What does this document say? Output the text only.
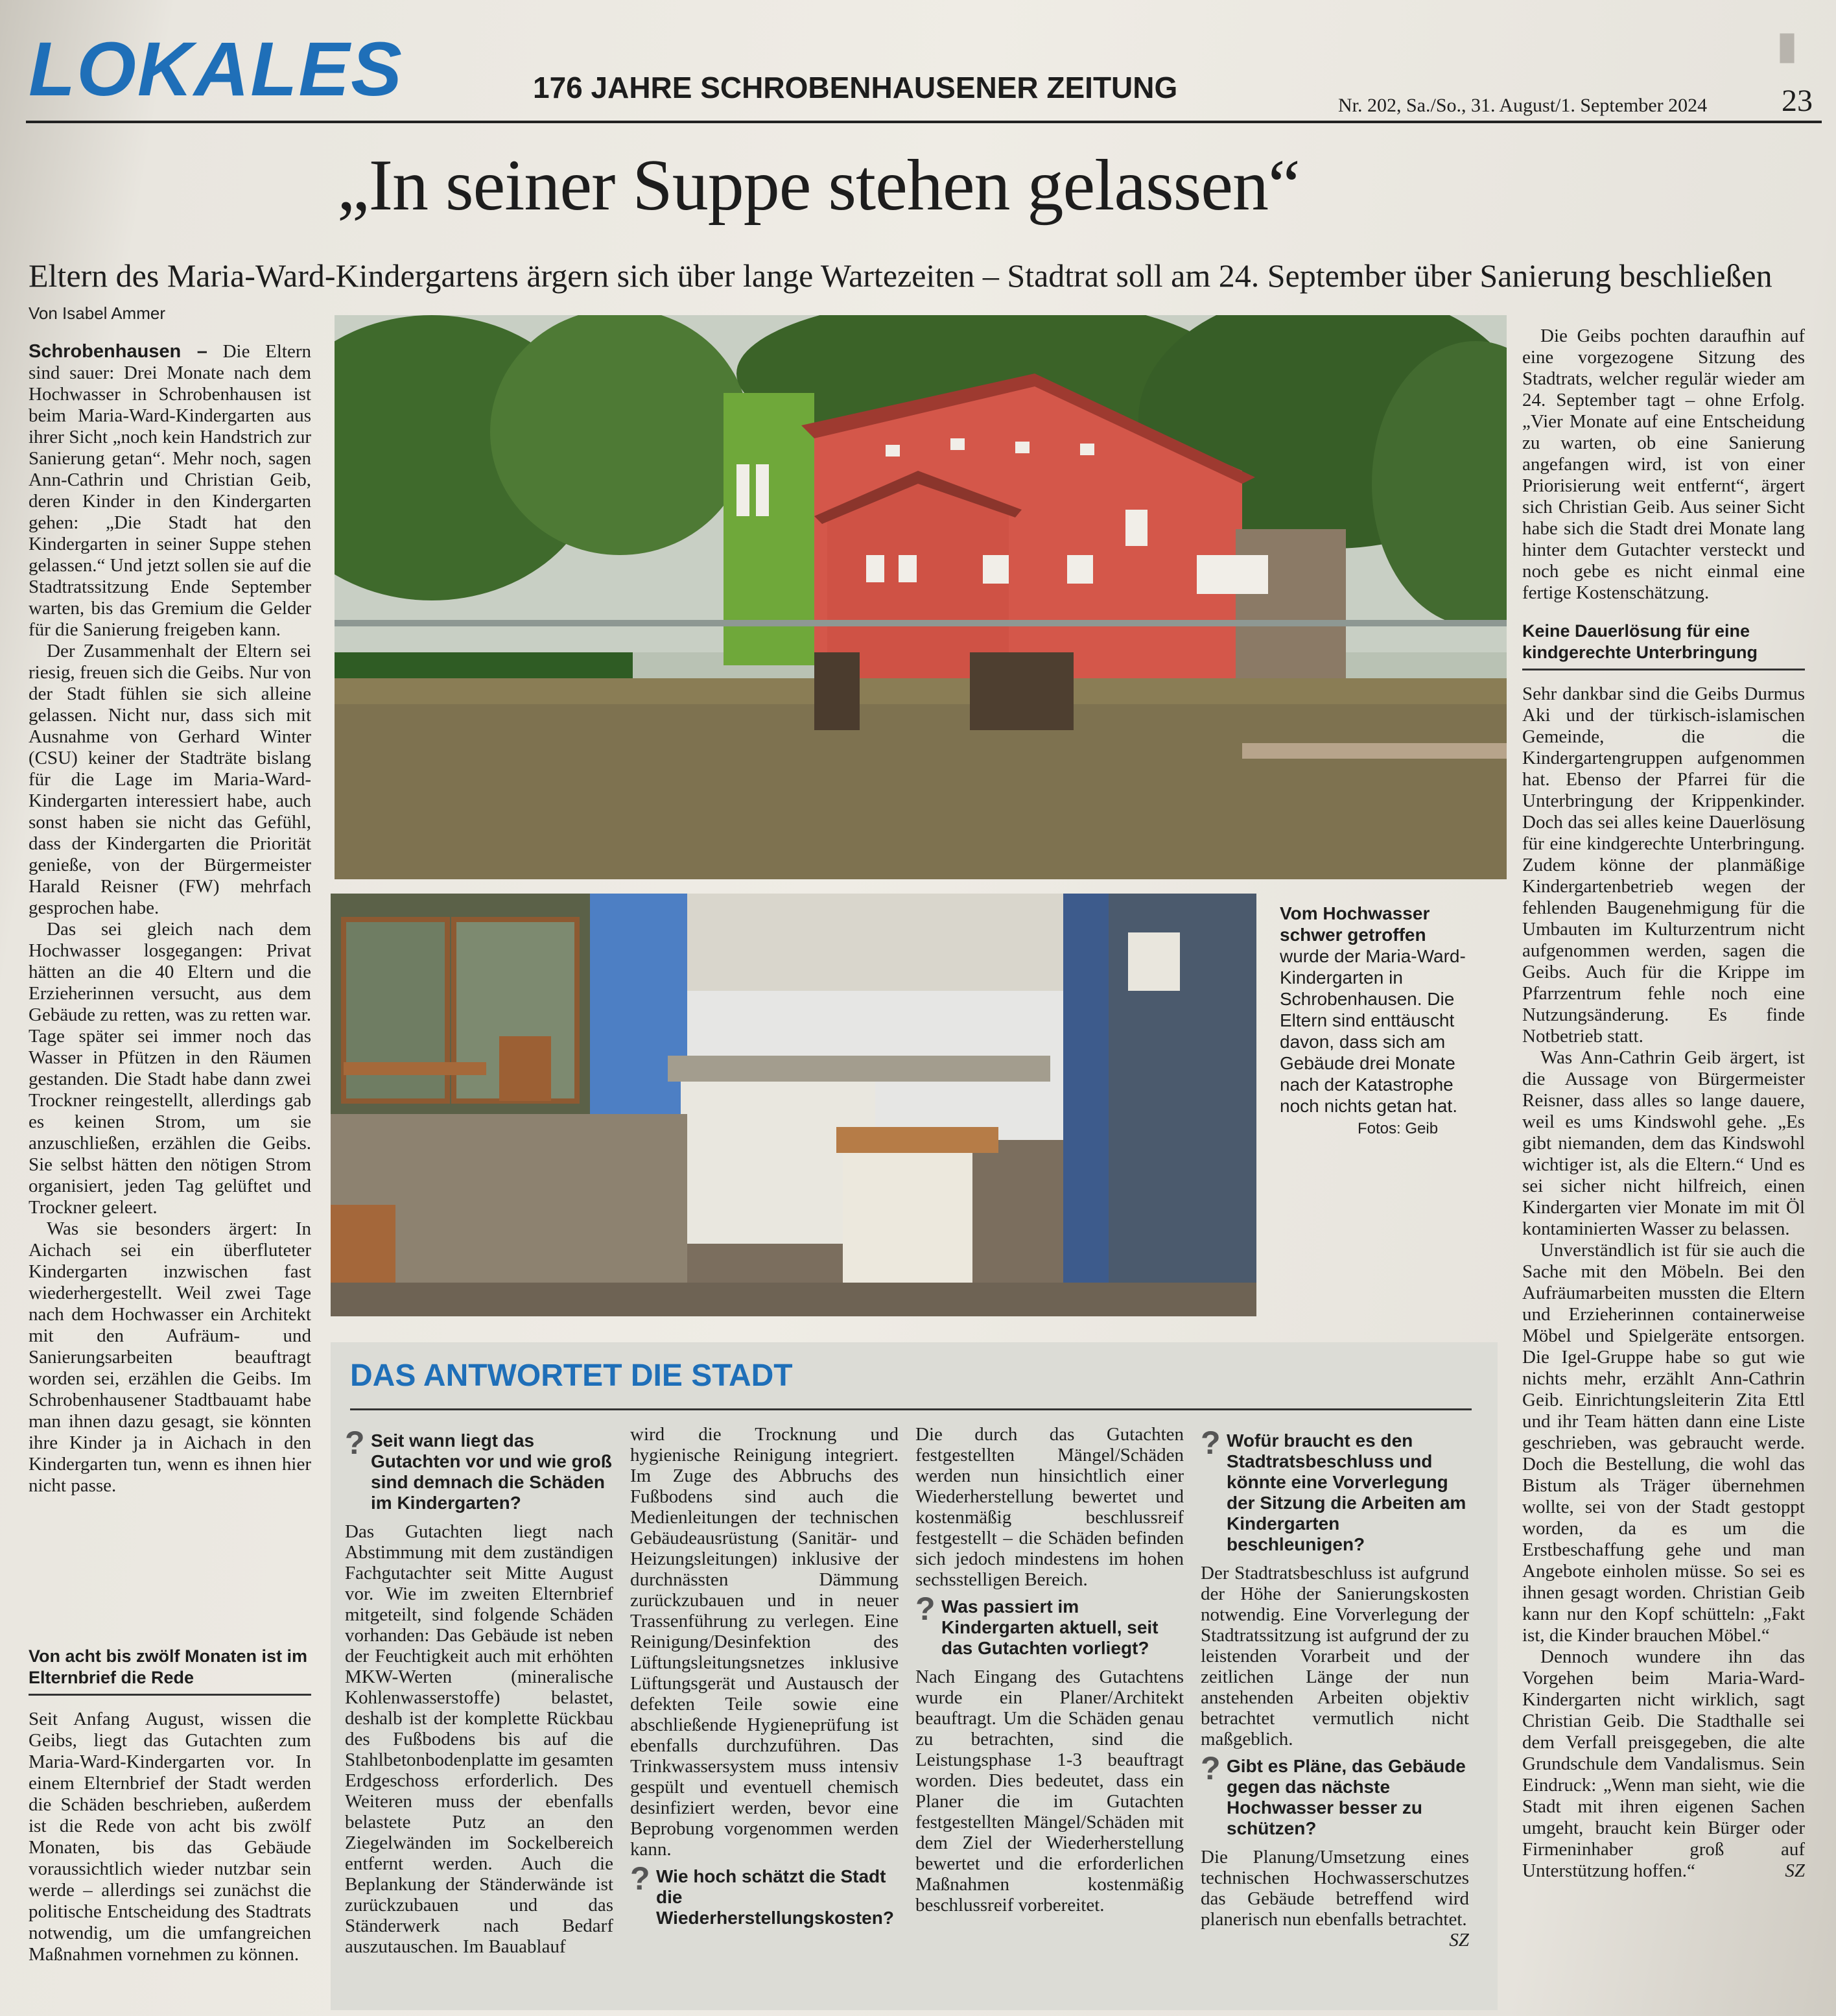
▮
LOKALES	176 JAHRE SCHROBENHAUSENER ZEITUNG
Nr. 202, Sa./So., 31. August/1. September 2024 23
„In seiner Suppe stehen gelassen“
Eltern des Maria-Ward-Kindergartens ärgern sich über lange Wartezeiten – Stadtrat soll am 24. September über Sanierung beschließen
Von Isabel Ammer

Schrobenhausen – Die Eltern sind sauer: Drei Monate nach dem Hochwasser in Schrobenhausen ist beim Maria-Ward-Kindergarten aus ihrer Sicht „noch kein Handstrich zur Sanierung getan“. Mehr noch, sagen Ann-Cathrin und Christian Geib, deren Kinder in den Kindergarten gehen: „Die Stadt hat den Kindergarten in seiner Suppe stehen gelassen.“ Und jetzt sollen sie auf die Stadtratssitzung Ende September warten, bis das Gremium die Gelder für die Sanierung freigeben kann.

Der Zusammenhalt der Eltern sei riesig, freuen sich die Geibs. Nur von der Stadt fühlen sie sich alleine gelassen. Nicht nur, dass sich mit Ausnahme von Gerhard Winter (CSU) keiner der Stadträte bislang für die Lage im Maria-Ward-Kindergarten interessiert habe, auch sonst haben sie nicht das Gefühl, dass der Kindergarten die Priorität genieße, von der Bürgermeister Harald Reisner (FW) mehrfach gesprochen habe.

Das sei gleich nach dem Hochwasser losgegangen: Privat hätten an die 40 Eltern und die Erzieherinnen versucht, aus dem Gebäude zu retten, was zu retten war. Tage später sei immer noch das Wasser in Pfützen in den Räumen gestanden. Die Stadt habe dann zwei Trockner reingestellt, allerdings gab es keinen Strom, um sie anzuschließen, erzählen die Geibs. Sie selbst hätten den nötigen Strom organisiert, jeden Tag gelüftet und Trockner geleert.

Was sie besonders ärgert: In Aichach sei ein überfluteter Kindergarten inzwischen fast wiederhergestellt. Weil zwei Tage nach dem Hochwasser ein Architekt mit den Aufräum- und Sanierungsarbeiten beauftragt worden sei, erzählen die Geibs. Im Schrobenhausener Stadtbauamt habe man ihnen dazu gesagt, sie könnten ihre Kinder ja in Aichach in den Kindergarten tun, wenn es ihnen hier nicht passe.

Von acht bis zwölf Monaten ist im Elternbrief die Rede

Seit Anfang August, wissen die Geibs, liegt das Gutachten zum Maria-Ward-Kindergarten vor. In einem Elternbrief der Stadt werden die Schäden beschrieben, außerdem ist die Rede von acht bis zwölf Monaten, bis das Gebäude voraussichtlich wieder nutzbar sein werde – allerdings sei zunächst die politische Entscheidung des Stadtrats notwendig, um die umfangreichen Maßnahmen vornehmen zu können.

Vom Hochwasser schwer getroffen wurde der Maria-Ward-Kindergarten in Schrobenhausen. Die Eltern sind enttäuscht davon, dass sich am Gebäude drei Monate nach der Katastrophe noch nichts getan hat. Fotos: Geib

Die Geibs pochten daraufhin auf eine vorgezogene Sitzung des Stadtrats, welcher regulär wieder am 24. September tagt – ohne Erfolg. „Vier Monate auf eine Entscheidung zu warten, ob eine Sanierung angefangen wird, ist von einer Priorisierung weit entfernt“, ärgert sich Christian Geib. Aus seiner Sicht habe sich die Stadt drei Monate lang hinter dem Gutachter versteckt und noch gebe es nicht einmal eine fertige Kostenschätzung.

Keine Dauerlösung für eine kindgerechte Unterbringung

Sehr dankbar sind die Geibs Durmus Aki und der türkisch-islamischen Gemeinde, die die Kindergartengruppen aufgenommen hat. Ebenso der Pfarrei für die Unterbringung der Krippenkinder. Doch das sei alles keine Dauerlösung für eine kindgerechte Unterbringung. Zudem könne der planmäßige Kindergartenbetrieb wegen der fehlenden Baugenehmigung für die Umbauten im Kulturzentrum nicht aufgenommen werden, sagen die Geibs. Auch für die Krippe im Pfarrzentrum fehle noch eine Nutzungsänderung. Es finde Notbetrieb statt.

Was Ann-Cathrin Geib ärgert, ist die Aussage von Bürgermeister Reisner, dass alles so lange dauere, weil es ums Kindswohl gehe. „Es gibt niemanden, dem das Kindswohl wichtiger ist, als die Eltern.“ Und es sei sicher nicht hilfreich, einen Kindergarten vier Monate im mit Öl kontaminierten Wasser zu belassen.

Unverständlich ist für sie auch die Sache mit den Möbeln. Bei den Aufräumarbeiten mussten die Eltern und Erzieherinnen containerweise Möbel und Spielgeräte entsorgen. Die Igel-Gruppe habe so gut wie nichts mehr, erzählt Ann-Cathrin Geib. Einrichtungsleiterin Zita Ettl und ihr Team hätten dann eine Liste geschrieben, was gebraucht werde. Doch die Bestellung, die wohl das Bistum als Träger übernehmen wollte, sei von der Stadt gestoppt worden, da es um die Erstbeschaffung gehe und man Angebote einholen müsse. So sei es ihnen gesagt worden. Christian Geib kann nur den Kopf schütteln: „Fakt ist, die Kinder brauchen Möbel.“

Dennoch wundere ihn das Vorgehen beim Maria-Ward-Kindergarten nicht wirklich, sagt Christian Geib. Die Stadthalle sei dem Verfall preisgegeben, die alte Grundschule dem Vandalismus. Sein Eindruck: „Wenn man sieht, wie die Stadt mit ihren eigenen Sachen umgeht, braucht kein Bürger oder Firmeninhaber groß auf Unterstützung hoffen.“	SZ

DAS ANTWORTET DIE STADT
? Seit wann liegt das Gutachten vor und wie groß sind demnach die Schäden im Kindergarten?

Das Gutachten liegt nach Abstimmung mit dem zuständigen Fachgutachter seit Mitte August vor. Wie im zweiten Elternbrief mitgeteilt, sind folgende Schäden vorhanden: Das Gebäude ist neben der Feuchtigkeit auch mit erhöhten MKW-Werten (mineralische Kohlenwasserstoffe) belastet, deshalb ist der komplette Rückbau des Fußbodens bis auf die Stahlbetonbodenplatte im gesamten Erdgeschoss erforderlich. Des Weiteren muss der ebenfalls belastete Putz an den Ziegelwänden im Sockelbereich entfernt werden. Auch die Beplankung der Ständerwände ist zurückzubauen und das Ständerwerk nach Bedarf auszutauschen. Im Bauablauf

wird die Trocknung und hygienische Reinigung integriert. Im Zuge des Abbruchs des Fußbodens sind auch die Medienleitungen der technischen Gebäudeausrüstung (Sanitär- und Heizungsleitungen) inklusive der durchnässten Dämmung zurückzubauen und in neuer Trassenführung zu verlegen. Eine Reinigung/Desinfektion des Lüftungsleitungsnetzes inklusive Lüftungsgerät und Austausch der defekten Teile sowie eine abschließende Hygieneprüfung ist ebenfalls durchzuführen. Das Trinkwassersystem muss intensiv gespült und eventuell chemisch desinfiziert werden, bevor eine Beprobung vorgenommen werden kann.

? Wie hoch schätzt die Stadt die Wiederherstellungskosten?

Die durch das Gutachten festgestellten Mängel/Schäden werden nun hinsichtlich einer Wiederherstellung bewertet und kostenmäßig beschlussreif festgestellt – die Schäden befinden sich jedoch mindestens im hohen sechsstelligen Bereich.

? Was passiert im Kindergarten aktuell, seit das Gutachten vorliegt?

Nach Eingang des Gutachtens wurde ein Planer/Architekt beauftragt. Um die Schäden genau zu betrachten, sind die Leistungsphase 1-3 beauftragt worden. Dies bedeutet, dass ein Planer die im Gutachten festgestellten Mängel/Schäden mit dem Ziel der Wiederherstellung bewertet und die erforderlichen Maßnahmen kostenmäßig beschlussreif vorbereitet.

? Wofür braucht es den Stadtratsbeschluss und könnte eine Vorverlegung der Sitzung die Arbeiten am Kindergarten beschleunigen?

Der Stadtratsbeschluss ist aufgrund der Höhe der Sanierungskosten notwendig. Eine Vorverlegung der Stadtratssitzung ist aufgrund der zu leistenden Vorarbeit und der zeitlichen Länge der nun anstehenden Arbeiten objektiv betrachtet vermutlich nicht maßgeblich.

? Gibt es Pläne, das Gebäude gegen das nächste Hochwasser besser zu schützen?

Die Planung/Umsetzung eines technischen Hochwasserschutzes das Gebäude betreffend wird planerisch nun ebenfalls betrachtet.
SZ
